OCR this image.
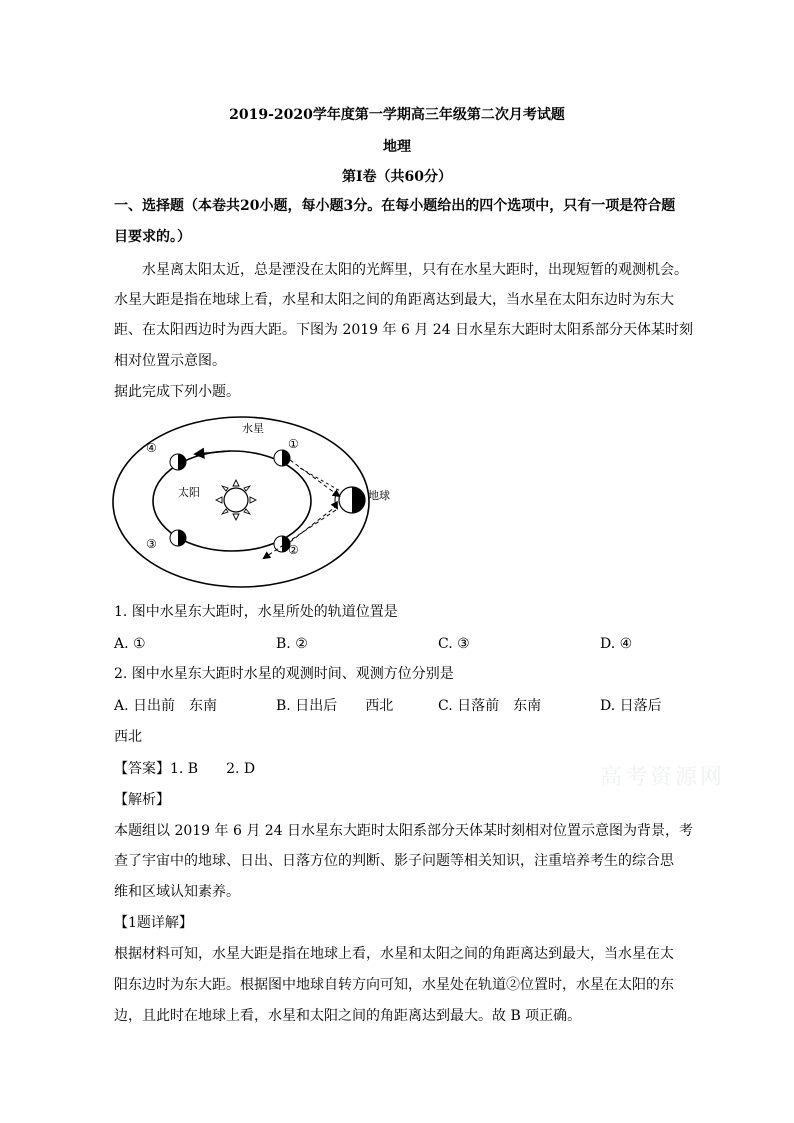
2019-2020学年度第一学期高三年级第二次月考试题
地理
第I卷（共60分）
一、选择题（本卷共20小题，每小题3分。在每小题给出的四个选项中，只有一项是符合题
目要求的。）
水星离太阳太近，总是湮没在太阳的光辉里，只有在水星大距时，出现短暂的观测机会。
水星大距是指在地球上看，水星和太阳之间的角距离达到最大，当水星在太阳东边时为东大
距、在太阳西边时为西大距。下图为 2019 年 6 月 24 日水星东大距时太阳系部分天体某时刻
相对位置示意图。
据此完成下列小题。
太阳
水星
地球
①
②
③
④
1. 图中水星东大距时，水星所处的轨道位置是
A. ①	B. ②	C. ③	D. ④
2. 图中水星东大距时水星的观测时间、观测方位分别是
A. 日出前　东南	B. 日出后　　西北	C. 日落前　东南	D. 日落后
西北
【答案】1. B　　2. D	高考资源网
【解析】
本题组以 2019 年 6 月 24 日水星东大距时太阳系部分天体某时刻相对位置示意图为背景，考
查了宇宙中的地球、日出、日落方位的判断、影子问题等相关知识，注重培养考生的综合思
维和区域认知素养。
【1题详解】
根据材料可知，水星大距是指在地球上看，水星和太阳之间的角距离达到最大，当水星在太
阳东边时为东大距。根据图中地球自转方向可知，水星处在轨道②位置时，水星在太阳的东
边，且此时在地球上看，水星和太阳之间的角距离达到最大。故 B 项正确。
